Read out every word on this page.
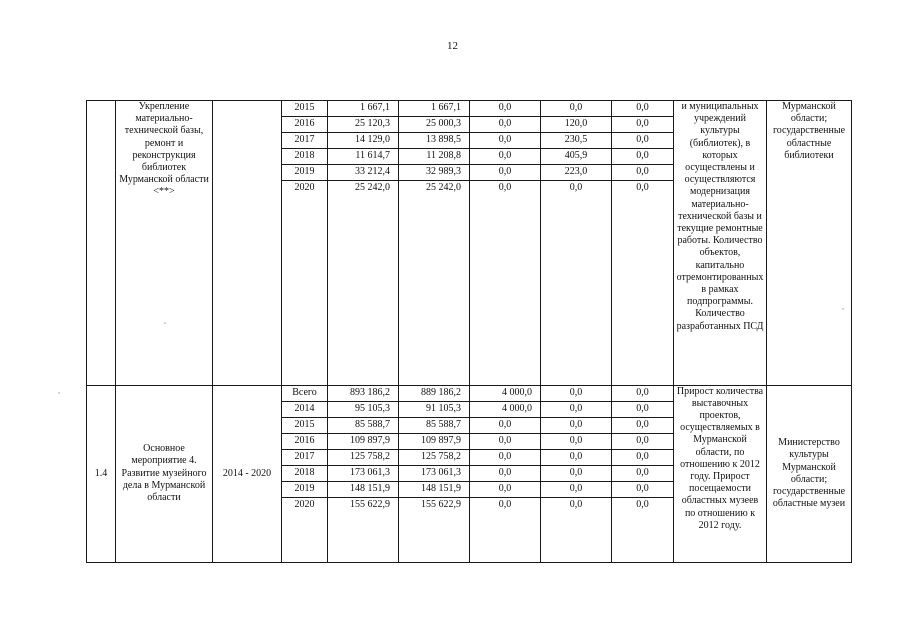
12
	Укрепление материально-технической базы, ремонт и реконструкция библиотек Мурманской области <**>		2015	1 667,1	1 667,1	0,0	0,0	0,0	и муниципальных учреждений культуры (библиотек), в которых осуществлены и осуществляются модернизация материально-технической базы и текущие ремонтные работы. Количество объектов, капитально отремонтированных в рамках подпрограммы. Количество разработанных ПСД	Мурманской области; государственные областные библиотеки
			2016	25 120,3	25 000,3	0,0	120,0	0,0		
			2017	14 129,0	13 898,5	0,0	230,5	0,0		
			2018	11 614,7	11 208,8	0,0	405,9	0,0		
			2019	33 212,4	32 989,3	0,0	223,0	0,0		
			2020	25 242,0	25 242,0	0,0	0,0	0,0		

1.4	Основное мероприятие 4. Развитие музейного дела в Мурманской области	2014 - 2020	Всего	893 186,2	889 186,2	4 000,0	0,0	0,0	Прирост количества выставочных проектов, осуществляемых в Мурманской области, по отношению к 2012 году. Прирост посещаемости областных музеев по отношению к 2012 году.	Министерство культуры Мурманской области; государственные областные музеи
			2014	95 105,3	91 105,3	4 000,0	0,0	0,0		
			2015	85 588,7	85 588,7	0,0	0,0	0,0		
			2016	109 897,9	109 897,9	0,0	0,0	0,0		
			2017	125 758,2	125 758,2	0,0	0,0	0,0		
			2018	173 061,3	173 061,3	0,0	0,0	0,0		
			2019	148 151,9	148 151,9	0,0	0,0	0,0		
			2020	155 622,9	155 622,9	0,0	0,0	0,0		
